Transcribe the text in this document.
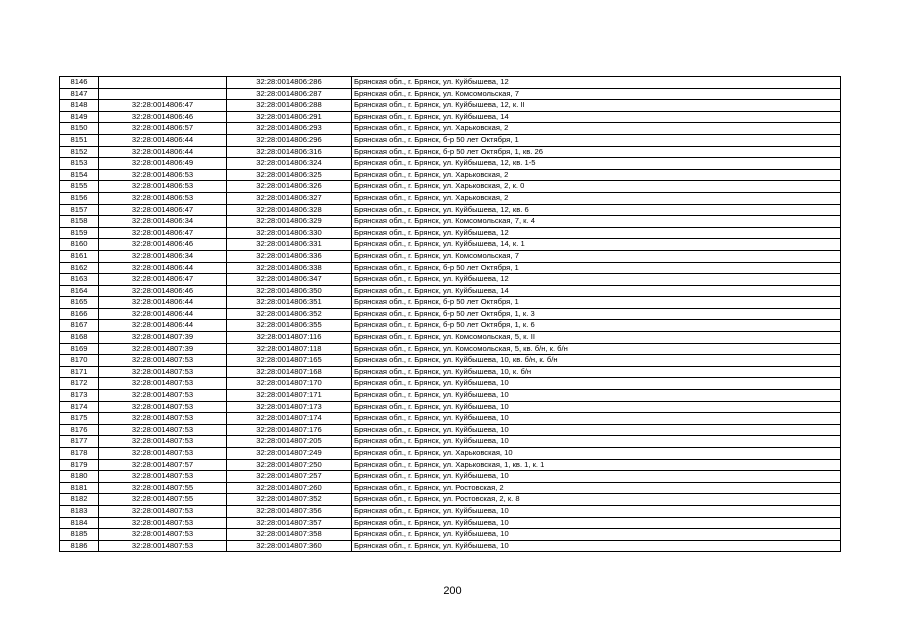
8146		32:28:0014806:286	Брянская обл., г. Брянск, ул. Куйбышева, 12
8147		32:28:0014806:287	Брянская обл., г. Брянск, ул. Комсомольская, 7
8148	32:28:0014806:47	32:28:0014806:288	Брянская обл., г. Брянск, ул. Куйбышева, 12, к. II
8149	32:28:0014806:46	32:28:0014806:291	Брянская обл., г. Брянск, ул. Куйбышева, 14
8150	32:28:0014806:57	32:28:0014806:293	Брянская обл., г. Брянск, ул. Харьковская, 2
8151	32:28:0014806:44	32:28:0014806:296	Брянская обл., г. Брянск, б-р 50 лет Октября, 1
8152	32:28:0014806:44	32:28:0014806:316	Брянская обл., г. Брянск, б-р 50 лет Октября, 1, кв. 26
8153	32:28:0014806:49	32:28:0014806:324	Брянская обл., г. Брянск, ул. Куйбышева, 12, кв. 1-5
8154	32:28:0014806:53	32:28:0014806:325	Брянская обл., г. Брянск, ул. Харьковская, 2
8155	32:28:0014806:53	32:28:0014806:326	Брянская обл., г. Брянск, ул. Харьковская, 2, к. 0
8156	32:28:0014806:53	32:28:0014806:327	Брянская обл., г. Брянск, ул. Харьковская, 2
8157	32:28:0014806:47	32:28:0014806:328	Брянская обл., г. Брянск, ул. Куйбышева, 12, кв. 6
8158	32:28:0014806:34	32:28:0014806:329	Брянская обл., г. Брянск, ул. Комсомольская, 7, к. 4
8159	32:28:0014806:47	32:28:0014806:330	Брянская обл., г. Брянск, ул. Куйбышева, 12
8160	32:28:0014806:46	32:28:0014806:331	Брянская обл., г. Брянск, ул. Куйбышева, 14, к. 1
8161	32:28:0014806:34	32:28:0014806:336	Брянская обл., г. Брянск, ул. Комсомольская, 7
8162	32:28:0014806:44	32:28:0014806:338	Брянская обл., г. Брянск, б-р 50 лет Октября, 1
8163	32:28:0014806:47	32:28:0014806:347	Брянская обл., г. Брянск, ул. Куйбышева, 12
8164	32:28:0014806:46	32:28:0014806:350	Брянская обл., г. Брянск, ул. Куйбышева, 14
8165	32:28:0014806:44	32:28:0014806:351	Брянская обл., г. Брянск, б-р 50 лет Октября, 1
8166	32:28:0014806:44	32:28:0014806:352	Брянская обл., г. Брянск, б-р 50 лет Октября, 1, к. 3
8167	32:28:0014806:44	32:28:0014806:355	Брянская обл., г. Брянск, б-р 50 лет Октября, 1, к. 6
8168	32:28:0014807:39	32:28:0014807:116	Брянская обл., г. Брянск, ул. Комсомольская, 5, к. II
8169	32:28:0014807:39	32:28:0014807:118	Брянская обл., г. Брянск, ул. Комсомольская, 5, кв. б/н, к. б/н
8170	32:28:0014807:53	32:28:0014807:165	Брянская обл., г. Брянск, ул. Куйбышева, 10, кв. б/н, к. б/н
8171	32:28:0014807:53	32:28:0014807:168	Брянская обл., г. Брянск, ул. Куйбышева, 10, к. б/н
8172	32:28:0014807:53	32:28:0014807:170	Брянская обл., г. Брянск, ул. Куйбышева, 10
8173	32:28:0014807:53	32:28:0014807:171	Брянская обл., г. Брянск, ул. Куйбышева, 10
8174	32:28:0014807:53	32:28:0014807:173	Брянская обл., г. Брянск, ул. Куйбышева, 10
8175	32:28:0014807:53	32:28:0014807:174	Брянская обл., г. Брянск, ул. Куйбышева, 10
8176	32:28:0014807:53	32:28:0014807:176	Брянская обл., г. Брянск, ул. Куйбышева, 10
8177	32:28:0014807:53	32:28:0014807:205	Брянская обл., г. Брянск, ул. Куйбышева, 10
8178	32:28:0014807:53	32:28:0014807:249	Брянская обл., г. Брянск, ул. Харьковская, 10
8179	32:28:0014807:57	32:28:0014807:250	Брянская обл., г. Брянск, ул. Харьковская, 1, кв. 1, к. 1
8180	32:28:0014807:53	32:28:0014807:257	Брянская обл., г. Брянск, ул. Куйбышева, 10
8181	32:28:0014807:55	32:28:0014807:260	Брянская обл., г. Брянск, ул. Ростовская, 2
8182	32:28:0014807:55	32:28:0014807:352	Брянская обл., г. Брянск, ул. Ростовская, 2, к. 8
8183	32:28:0014807:53	32:28:0014807:356	Брянская обл., г. Брянск, ул. Куйбышева, 10
8184	32:28:0014807:53	32:28:0014807:357	Брянская обл., г. Брянск, ул. Куйбышева, 10
8185	32:28:0014807:53	32:28:0014807:358	Брянская обл., г. Брянск, ул. Куйбышева, 10
8186	32:28:0014807:53	32:28:0014807:360	Брянская обл., г. Брянск, ул. Куйбышева, 10
200
